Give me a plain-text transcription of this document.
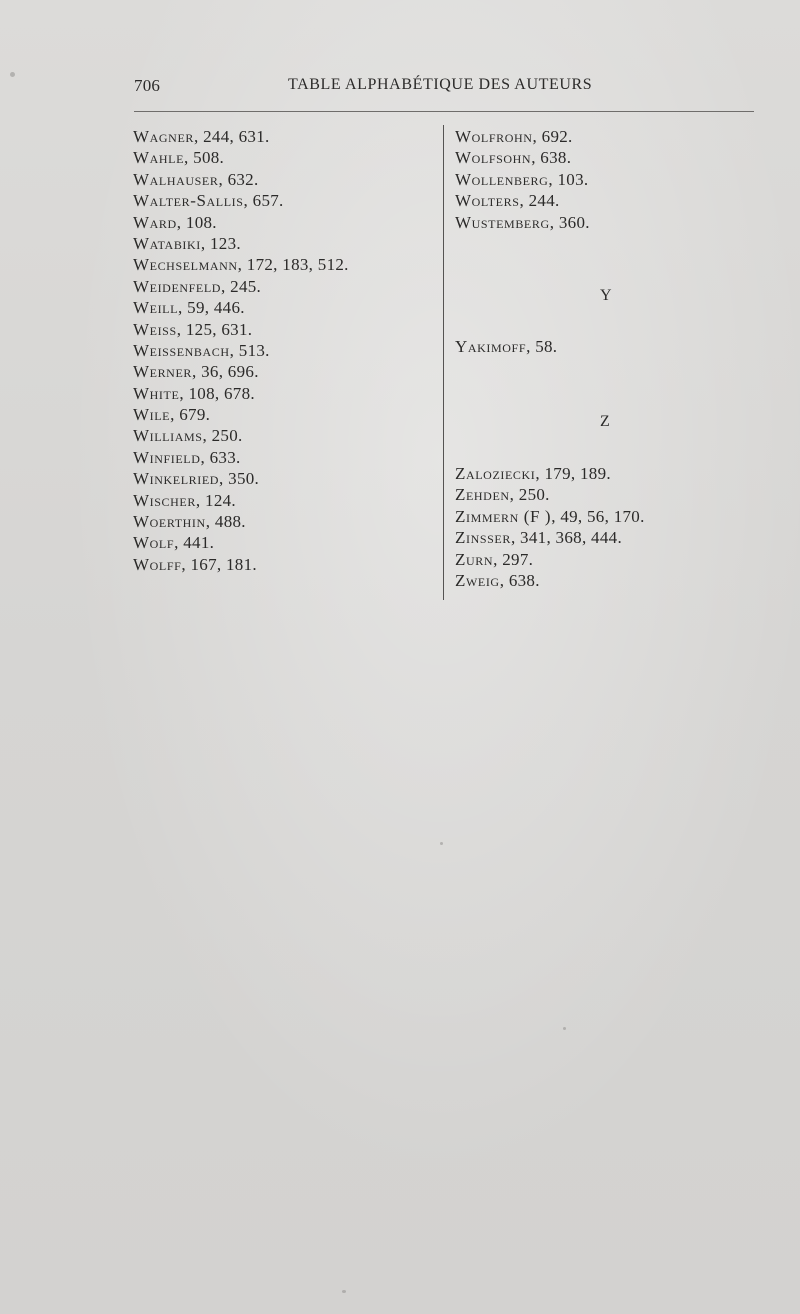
706	TABLE ALPHABÉTIQUE DES AUTEURS
Wagner, 244, 631.
Wahle, 508.
Walhauser, 632.
Walter-Sallis, 657.
Ward, 108.
Watabiki, 123.
Wechselmann, 172, 183, 512.
Weidenfeld, 245.
Weill, 59, 446.
Weiss, 125, 631.
Weissenbach, 513.
Werner, 36, 696.
White, 108, 678.
Wile, 679.
Williams, 250.
Winfield, 633.
Winkelried, 350.
Wischer, 124.
Woerthin, 488.
Wolf, 441.
Wolff, 167, 181.
Wolfrohn, 692.
Wolfsohn, 638.
Wollenberg, 103.
Wolters, 244.
Wustemberg, 360.
Y
Yakimoff, 58.
Z
Zaloziecki, 179, 189.
Zehden, 250.
Zimmern (F ), 49, 56, 170.
Zinsser, 341, 368, 444.
Zurn, 297.
Zweig, 638.
